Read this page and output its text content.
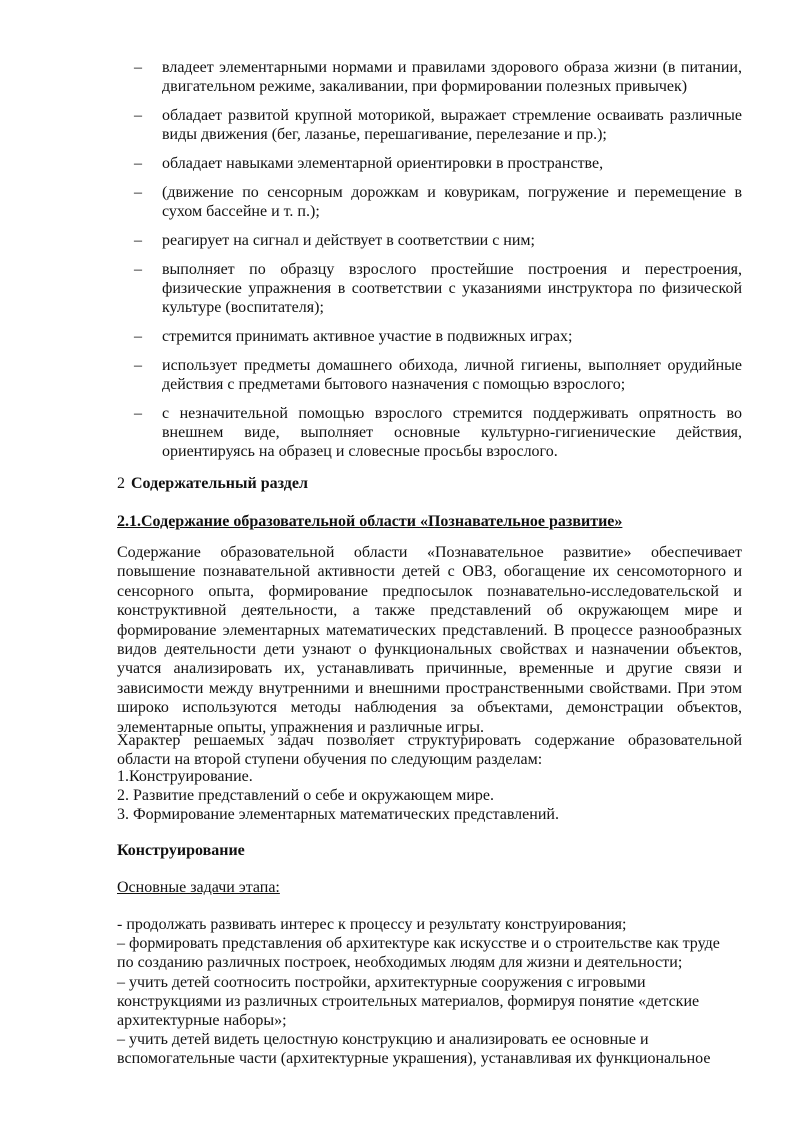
– владеет элементарными нормами и правилами здорового образа жизни (в питании, двигательном режиме, закаливании, при формировании полезных привычек)
– обладает развитой крупной моторикой, выражает стремление осваивать различные виды движения (бег, лазанье, перешагивание, перелезание и пр.);
– обладает навыками элементарной ориентировки в пространстве,
– (движение по сенсорным дорожкам и ковурикам, погружение и перемещение в сухом бассейне и т. п.);
– реагирует на сигнал и действует в соответствии с ним;
– выполняет по образцу взрослого простейшие построения и перестроения, физические упражнения в соответствии с указаниями инструктора по физической культуре (воспитателя);
– стремится принимать активное участие в подвижных играх;
– использует предметы домашнего обихода, личной гигиены, выполняет орудийные действия с предметами бытового назначения с помощью взрослого;
– с незначительной помощью взрослого стремится поддерживать опрятность во внешнем виде, выполняет основные культурно-гигиенические действия, ориентируясь на образец и словесные просьбы взрослого.
2 Содержательный раздел
2.1.Содержание образовательной области «Познавательное развитие»

Содержание образовательной области «Познавательное развитие» обеспечивает повышение познавательной активности детей с ОВЗ, обогащение их сенсомоторного и сенсорного опыта, формирование предпосылок познавательно-исследовательской и конструктивной деятельности, а также представлений об окружающем мире и формирование элементарных математических представлений. В процессе разнообразных видов деятельности дети узнают о функциональных свойствах и назначении объектов, учатся анализировать их, устанавливать причинные, временные и другие связи и зависимости между внутренними и внешними пространственными свойствами. При этом широко используются методы наблюдения за объектами, демонстрации объектов, элементарные опыты, упражнения и различные игры.

Характер решаемых задач позволяет структурировать содержание образовательной области на второй ступени обучения по следующим разделам:
1.Конструирование.
2. Развитие представлений о себе и окружающем мире.
3. Формирование элементарных математических представлений.
Конструирование
Основные задачи этапа:
- продолжать развивать интерес к процессу и результату конструирования;
– формировать представления об архитектуре как искусстве и о строительстве как труде
по созданию различных построек, необходимых людям для жизни и деятельности;
– учить детей соотносить постройки, архитектурные сооружения с игровыми
конструкциями из различных строительных материалов, формируя понятие «детские
архитектурные наборы»;
– учить детей видеть целостную конструкцию и анализировать ее основные и
вспомогательные части (архитектурные украшения), устанавливая их функциональное
